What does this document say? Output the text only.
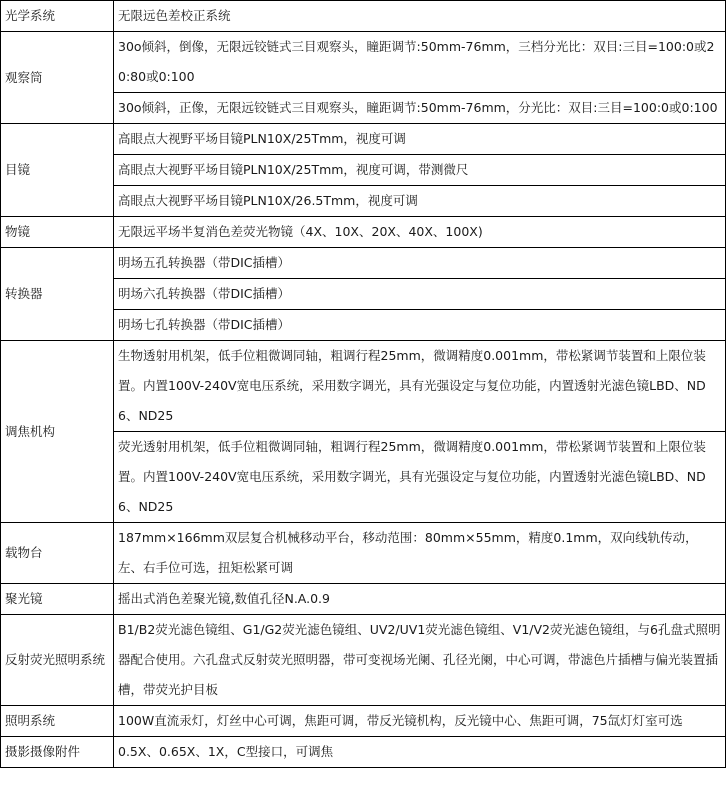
光学系统	无限远色差校正系统
观察筒	30o倾斜，倒像，无限远铰链式三目观察头，瞳距调节:50mm-76mm，三档分光比：双目:三目=100:0或20:80或0:100
	30o倾斜，正像，无限远铰链式三目观察头，瞳距调节:50mm-76mm，分光比：双目:三目=100:0或0:100
目镜	高眼点大视野平场目镜PLN10X/25Tmm，视度可调
	高眼点大视野平场目镜PLN10X/25Tmm，视度可调，带测微尺
	高眼点大视野平场目镜PLN10X/26.5Tmm，视度可调
物镜	无限远平场半复消色差荧光物镜（4X、10X、20X、40X、100X)
转换器	明场五孔转换器（带DIC插槽）
	明场六孔转换器（带DIC插槽）
	明场七孔转换器（带DIC插槽）
调焦机构	生物透射用机架，低手位粗微调同轴，粗调行程25mm，微调精度0.001mm，带松紧调节装置和上限位装置。内置100V-240V宽电压系统，采用数字调光，具有光强设定与复位功能，内置透射光滤色镜LBD、ND6、ND25
	荧光透射用机架，低手位粗微调同轴，粗调行程25mm，微调精度0.001mm，带松紧调节装置和上限位装置。内置100V-240V宽电压系统，采用数字调光，具有光强设定与复位功能，内置透射光滤色镜LBD、ND6、ND25
载物台	187mm×166mm双层复合机械移动平台，移动范围：80mm×55mm，精度0.1mm，双向线轨传动，左、右手位可选，扭矩松紧可调
聚光镜	摇出式消色差聚光镜,数值孔径N.A.0.9
反射荧光照明系统	B1/B2荧光滤色镜组、G1/G2荧光滤色镜组、UV2/UV1荧光滤色镜组、V1/V2荧光滤色镜组，与6孔盘式照明器配合使用。六孔盘式反射荧光照明器，带可变视场光阑、孔径光阑，中心可调，带滤色片插槽与偏光装置插槽，带荧光护目板
照明系统	100W直流汞灯，灯丝中心可调，焦距可调，带反光镜机构，反光镜中心、焦距可调，75氙灯灯室可选
摄影摄像附件	0.5X、0.65X、1X，C型接口，可调焦
